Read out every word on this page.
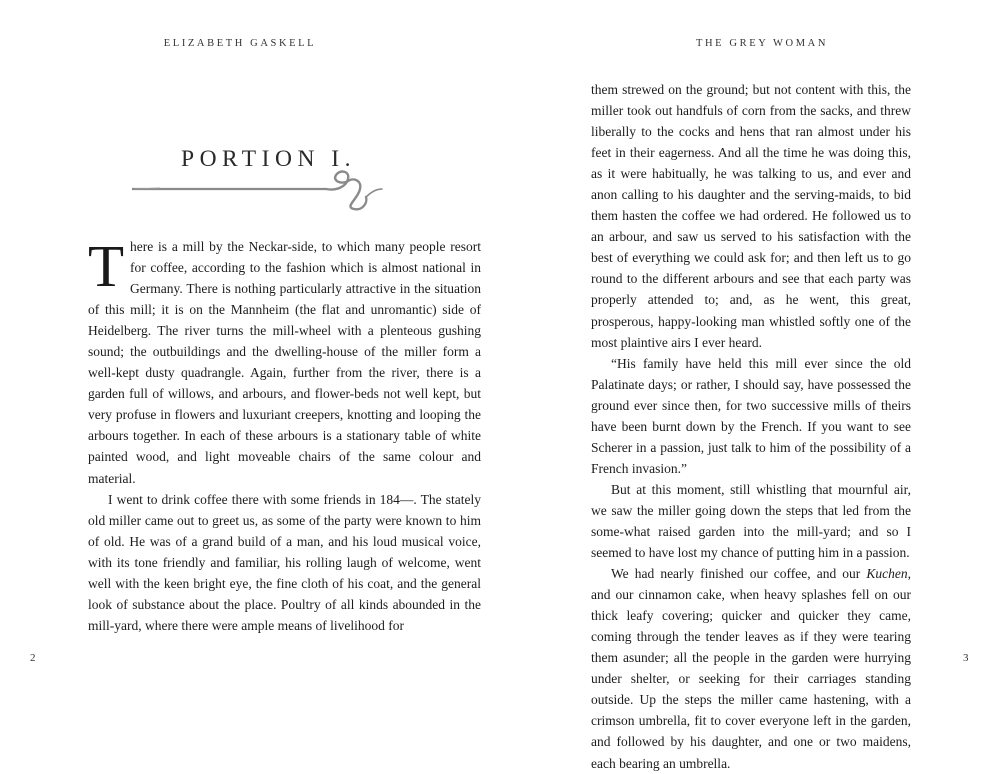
ELIZABETH GASKELL	THE GREY WOMAN
PORTION I.

There is a mill by the Neckar-side, to which many people resort for coffee, according to the fashion which is almost national in Germany. There is nothing particularly attractive in the situation of this mill; it is on the Mannheim (the flat and unromantic) side of Heidelberg. The river turns the mill-wheel with a plenteous gushing sound; the outbuildings and the dwelling-house of the miller form a well-kept dusty quadrangle. Again, further from the river, there is a garden full of willows, and arbours, and flower-beds not well kept, but very profuse in flowers and luxuriant creepers, knotting and looping the arbours together. In each of these arbours is a stationary table of white painted wood, and light moveable chairs of the same colour and material.

I went to drink coffee there with some friends in 184—. The stately old miller came out to greet us, as some of the party were known to him of old. He was of a grand build of a man, and his loud musical voice, with its tone friendly and familiar, his rolling laugh of welcome, went well with the keen bright eye, the fine cloth of his coat, and the general look of substance about the place. Poultry of all kinds abounded in the mill-yard, where there were ample means of livelihood for

them strewed on the ground; but not content with this, the miller took out handfuls of corn from the sacks, and threw liberally to the cocks and hens that ran almost under his feet in their eagerness. And all the time he was doing this, as it were habitually, he was talking to us, and ever and anon calling to his daughter and the serving-maids, to bid them hasten the coffee we had ordered. He followed us to an arbour, and saw us served to his satisfaction with the best of everything we could ask for; and then left us to go round to the different arbours and see that each party was properly attended to; and, as he went, this great, prosperous, happy-looking man whistled softly one of the most plaintive airs I ever heard.

“His family have held this mill ever since the old Palatinate days; or rather, I should say, have possessed the ground ever since then, for two successive mills of theirs have been burnt down by the French. If you want to see Scherer in a passion, just talk to him of the possibility of a French invasion.”

But at this moment, still whistling that mournful air, we saw the miller going down the steps that led from the some-what raised garden into the mill-yard; and so I seemed to have lost my chance of putting him in a passion.

We had nearly finished our coffee, and our Kuchen, and our cinnamon cake, when heavy splashes fell on our thick leafy covering; quicker and quicker they came, coming through the tender leaves as if they were tearing them asunder; all the people in the garden were hurrying under shelter, or seeking for their carriages standing outside. Up the steps the miller came hastening, with a crimson umbrella, fit to cover everyone left in the garden, and followed by his daughter, and one or two maidens, each bearing an umbrella.

2	3
